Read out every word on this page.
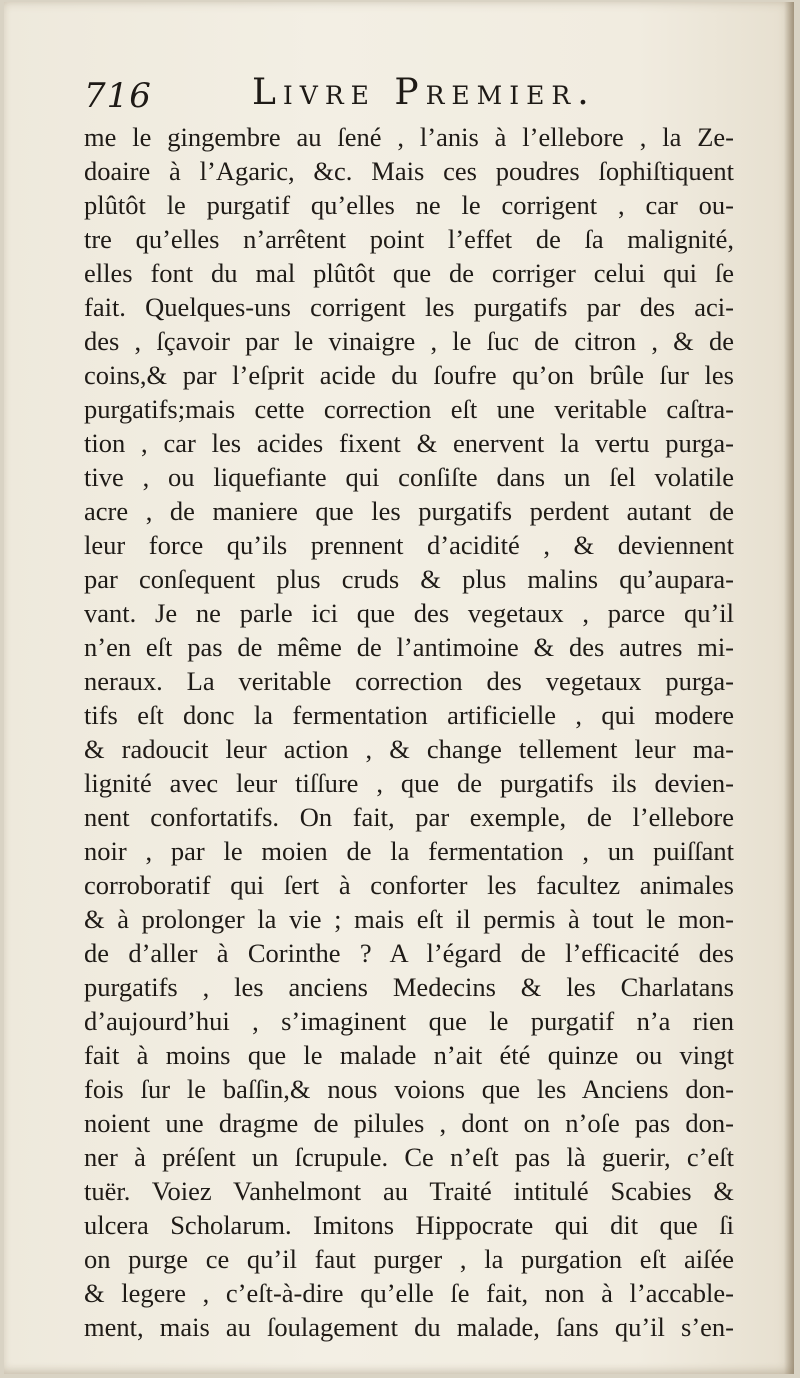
716	Livre Premier.
me le gingembre au ſené , l’anis à l’ellebore , la Ze-
doaire à l’Agaric, &c. Mais ces poudres ſophiſtiquent
plûtôt le purgatif qu’elles ne le corrigent , car ou-
tre qu’elles n’arrêtent point l’effet de ſa malignité,
elles font du mal plûtôt que de corriger celui qui ſe
fait. Quelques-uns corrigent les purgatifs par des aci-
des , ſçavoir par le vinaigre , le ſuc de citron , & de
coins,& par l’eſprit acide du ſoufre qu’on brûle ſur les
purgatifs;mais cette correction eſt une veritable caſtra-
tion , car les acides fixent & enervent la vertu purga-
tive , ou liquefiante qui conſiſte dans un ſel volatile
acre , de maniere que les purgatifs perdent autant de
leur force qu’ils prennent d’acidité , & deviennent
par conſequent plus cruds & plus malins qu’aupara-
vant. Je ne parle ici que des vegetaux , parce qu’il
n’en eſt pas de même de l’antimoine & des autres mi-
neraux. La veritable correction des vegetaux purga-
tifs eſt donc la fermentation artificielle , qui modere
& radoucit leur action , & change tellement leur ma-
lignité avec leur tiſſure , que de purgatifs ils devien-
nent confortatifs. On fait, par exemple, de l’ellebore
noir , par le moien de la fermentation , un puiſſant
corroboratif qui ſert à conforter les facultez animales
& à prolonger la vie ; mais eſt il permis à tout le mon-
de d’aller à Corinthe ? A l’égard de l’efficacité des
purgatifs , les anciens Medecins & les Charlatans
d’aujourd’hui , s’imaginent que le purgatif n’a rien
fait à moins que le malade n’ait été quinze ou vingt
fois ſur le baſſin,& nous voions que les Anciens don-
noient une dragme de pilules , dont on n’oſe pas don-
ner à préſent un ſcrupule. Ce n’eſt pas là guerir, c’eſt
tuër. Voiez Vanhelmont au Traité intitulé Scabies &
ulcera Scholarum. Imitons Hippocrate qui dit que ſi
on purge ce qu’il faut purger , la purgation eſt aiſée
& legere , c’eſt-à-dire qu’elle ſe fait, non à l’accable-
ment, mais au ſoulagement du malade, ſans qu’il s’en-
